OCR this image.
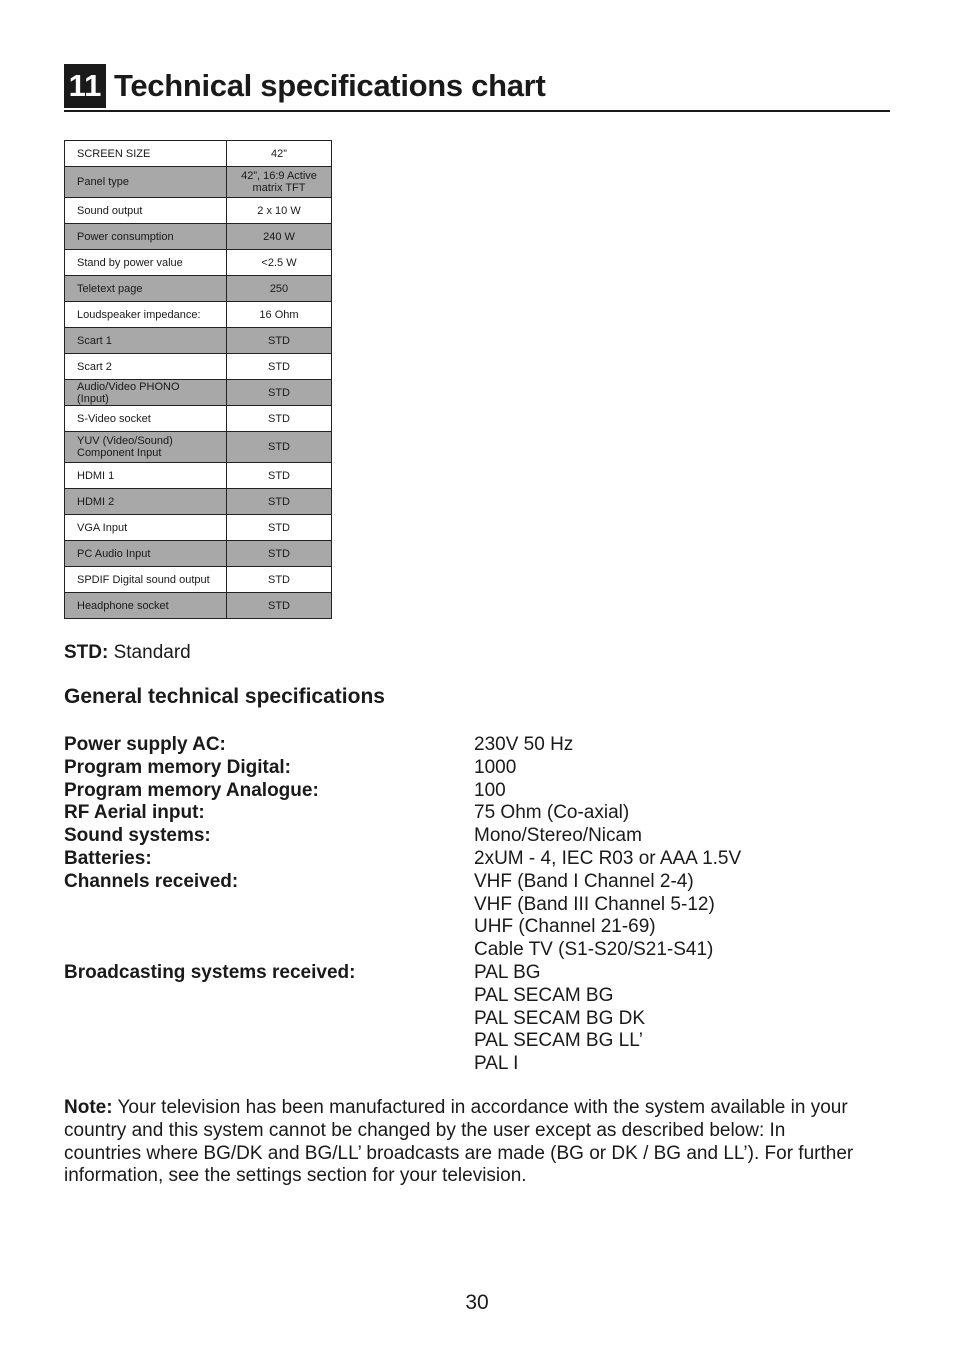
11 Technical specifications chart
SCREEN SIZE	42”
Panel type	42”, 16:9 Active matrix TFT
Sound output	2 x 10 W
Power consumption	240 W
Stand by power value	<2.5 W
Teletext page	250
Loudspeaker impedance:	16 Ohm
Scart 1	STD
Scart 2	STD
Audio/Video PHONO (Input)	STD
S-Video socket	STD
YUV (Video/Sound) Component Input	STD
HDMI 1	STD
HDMI 2	STD
VGA Input	STD
PC Audio Input	STD
SPDIF Digital sound output	STD
Headphone socket	STD
STD: Standard
General technical specifications
Power supply AC:	230V 50 Hz
Program memory Digital:	1000
Program memory Analogue:	100
RF Aerial input:	75 Ohm (Co-axial)
Sound systems:	Mono/Stereo/Nicam
Batteries:	2xUM - 4, IEC R03 or AAA 1.5V
Channels received:	VHF (Band I Channel 2-4)
VHF (Band III Channel 5-12)
UHF (Channel 21-69)
Cable TV (S1-S20/S21-S41)
Broadcasting systems received:	PAL BG
PAL SECAM BG
PAL SECAM BG DK
PAL SECAM BG LL’
PAL I
Note: Your television has been manufactured in accordance with the system available in your country and this system cannot be changed by the user except as described below: In countries where BG/DK and BG/LL’ broadcasts are made (BG or DK / BG and LL’). For further information, see the settings section for your television.
30
